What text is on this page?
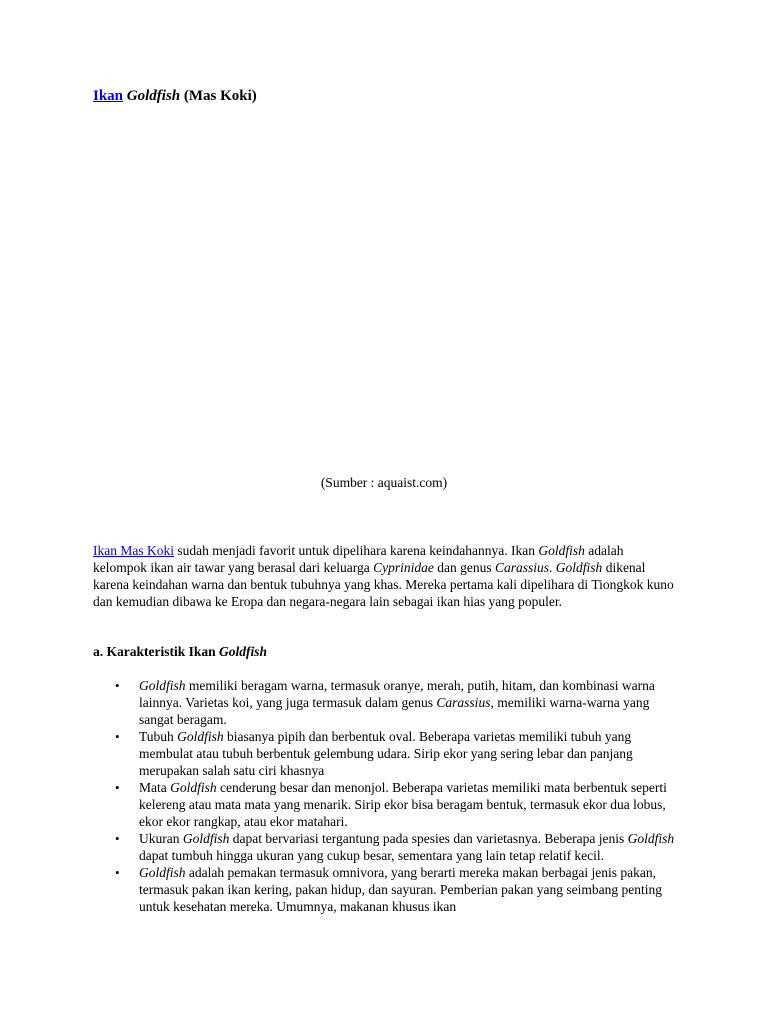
Ikan Goldfish (Mas Koki)
(Sumber : aquaist.com)

Ikan Mas Koki sudah menjadi favorit untuk dipelihara karena keindahannya. Ikan Goldfish adalah kelompok ikan air tawar yang berasal dari keluarga Cyprinidae dan genus Carassius. Goldfish dikenal karena keindahan warna dan bentuk tubuhnya yang khas. Mereka pertama kali dipelihara di Tiongkok kuno dan kemudian dibawa ke Eropa dan negara-negara lain sebagai ikan hias yang populer.

a. Karakteristik Ikan Goldfish
• Goldfish memiliki beragam warna, termasuk oranye, merah, putih, hitam, dan kombinasi warna lainnya. Varietas koi, yang juga termasuk dalam genus Carassius, memiliki warna-warna yang sangat beragam.
• Tubuh Goldfish biasanya pipih dan berbentuk oval. Beberapa varietas memiliki tubuh yang membulat atau tubuh berbentuk gelembung udara. Sirip ekor yang sering lebar dan panjang merupakan salah satu ciri khasnya
• Mata Goldfish cenderung besar dan menonjol. Beberapa varietas memiliki mata berbentuk seperti kelereng atau mata mata yang menarik. Sirip ekor bisa beragam bentuk, termasuk ekor dua lobus, ekor ekor rangkap, atau ekor matahari.
• Ukuran Goldfish dapat bervariasi tergantung pada spesies dan varietasnya. Beberapa jenis Goldfish dapat tumbuh hingga ukuran yang cukup besar, sementara yang lain tetap relatif kecil.
• Goldfish adalah pemakan termasuk omnivora, yang berarti mereka makan berbagai jenis pakan, termasuk pakan ikan kering, pakan hidup, dan sayuran. Pemberian pakan yang seimbang penting untuk kesehatan mereka. Umumnya, makanan khusus ikan
